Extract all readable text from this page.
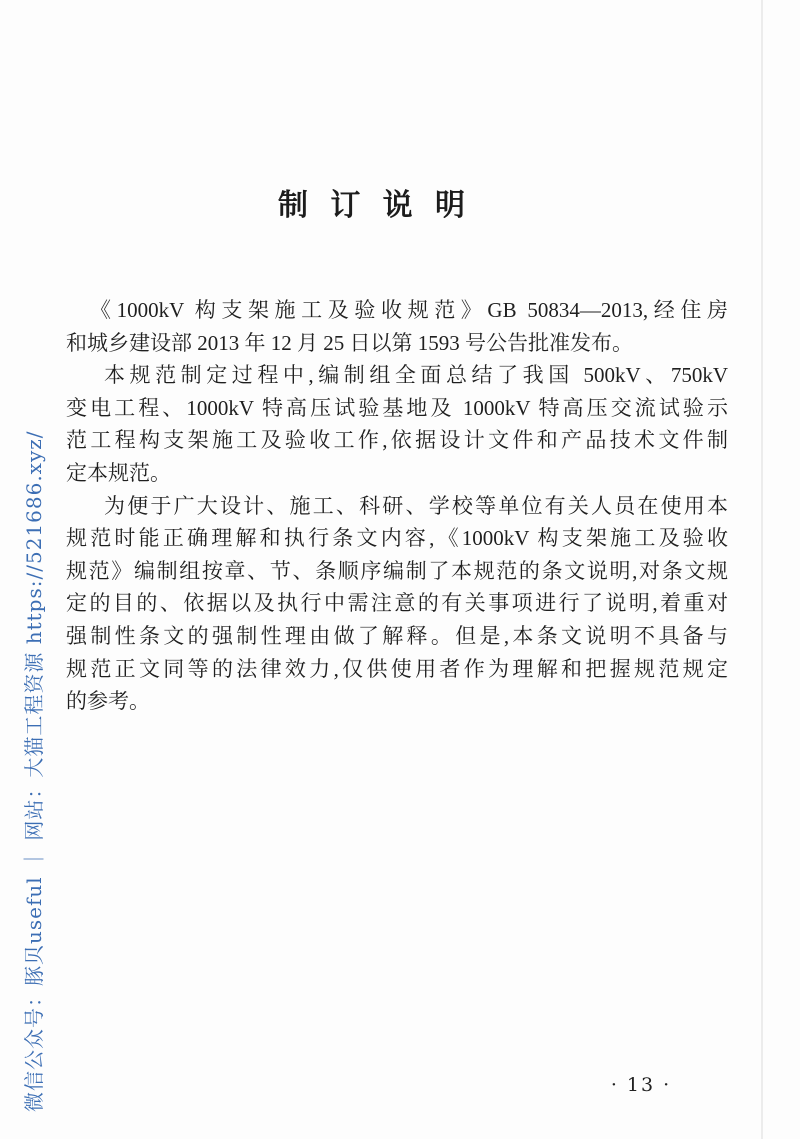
微信公众号：豚贝useful ｜ 网站：大猫工程资源 https://521686.xyz/
制 订 说 明
《1000kV 构支架施工及验收规范》GB 50834—2013,经住房
和城乡建设部 2013 年 12 月 25 日以第 1593 号公告批准发布。
本规范制定过程中,编制组全面总结了我国 500kV、750kV
变电工程、1000kV 特高压试验基地及 1000kV 特高压交流试验示
范工程构支架施工及验收工作,依据设计文件和产品技术文件制
定本规范。
为便于广大设计、施工、科研、学校等单位有关人员在使用本
规范时能正确理解和执行条文内容,《1000kV 构支架施工及验收
规范》编制组按章、节、条顺序编制了本规范的条文说明,对条文规
定的目的、依据以及执行中需注意的有关事项进行了说明,着重对
强制性条文的强制性理由做了解释。但是,本条文说明不具备与
规范正文同等的法律效力,仅供使用者作为理解和把握规范规定
的参考。
· 13 ·
